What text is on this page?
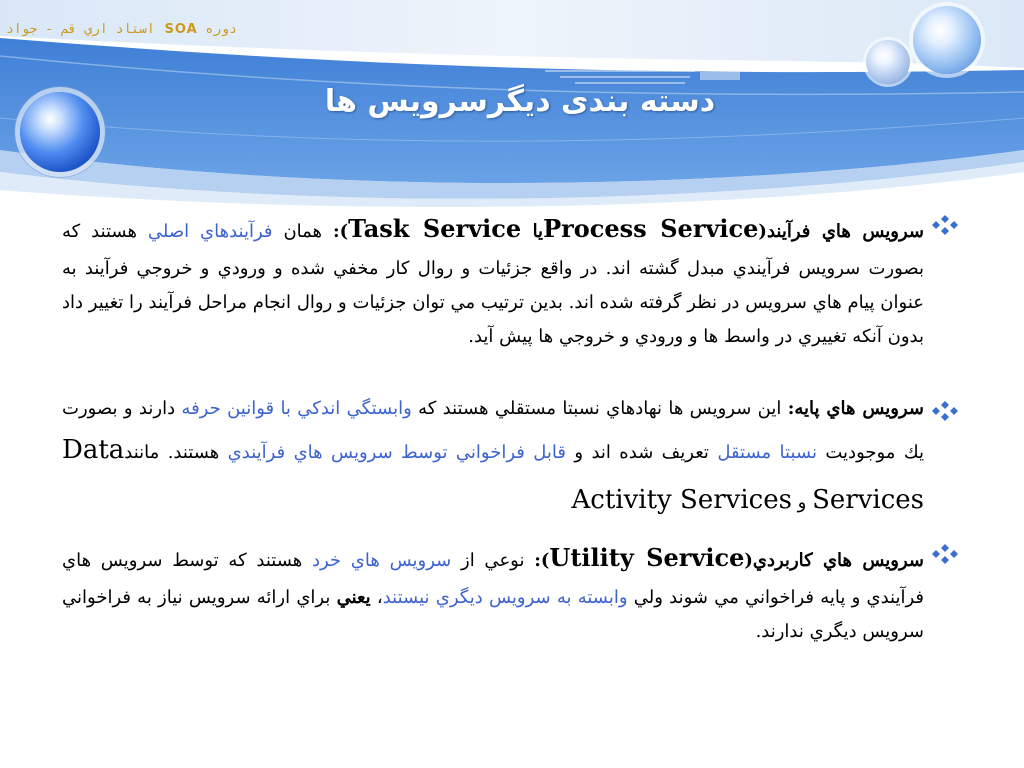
دوره SOA استاد اري قم - جواد
دسته بندی دیگرسرویس ها
سرويس هاي فرآيند(Process Serviceيا Task Service): همان فرآيندهاي اصلي هستند که بصورت سرويس فرآيندي مبدل گشته اند. در واقع جزئيات و روال کار مخفي شده و ورودي و خروجي فرآيند به عنوان پيام هاي سرويس در نظر گرفته شده اند. بدين ترتيب مي توان جزئيات و روال انجام مراحل فرآيند را تغيير داد بدون آنکه تغييري در واسط ها و ورودي و خروجي ها پيش آيد.
سرويس هاي پايه: اين سرويس ها نهادهاي نسبتا مستقلي هستند که وابستگي اندکي با قوانين حرفه دارند و بصورت يك موجوديت نسبتا مستقل تعريف شده اند و قابل فراخواني توسط سرويس هاي فرآيندي هستند. مانندData Services و Activity Services
سرويس هاي كاربردي(Utility Service): نوعي از سرويس هاي خرد هستند که توسط سرويس هاي فرآيندي و پايه فراخواني مي شوند ولي وابسته به سرويس ديگري نيستند، يعني براي ارائه سرويس نياز به فراخواني سرويس ديگري ندارند.
